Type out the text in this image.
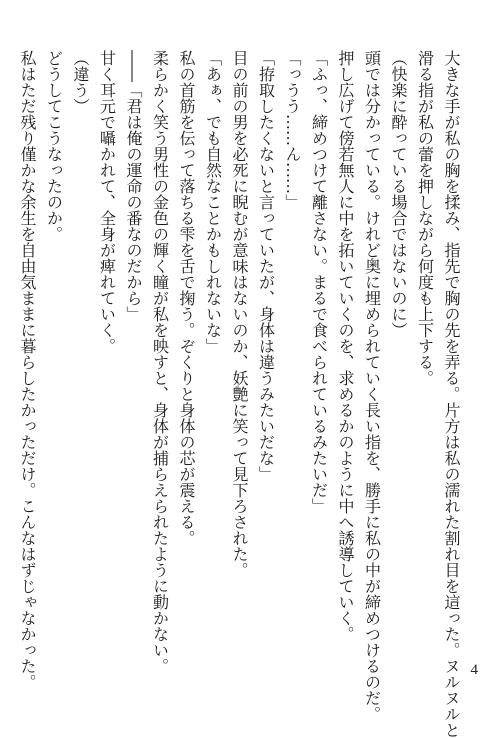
大きな手が私の胸を揉み、指先で胸の先を弄る。片方は私の濡れた割れ目を這った。ヌルヌルと
滑る指が私の蕾を押しながら何度も上下する。
（快楽に酔っている場合ではないのに）
頭では分かっている。けれど奥に埋められていく長い指を、勝手に私の中が締めつけるのだ。
押し広げて傍若無人に中を拓いていくのを、求めるかのように中へ誘導していく。
「ふっ、締めつけて離さない。まるで食べられているみたいだ」
「っうう……ん……」
「拵取したくないと言っていたが、身体は違うみたいだな」
目の前の男を必死に睨むが意味はないのか、妖艶に笑って見下ろされた。
「あぁ、でも自然なことかもしれないな」
私の首筋を伝って落ちる雫を舌で掬う。ぞくりと身体の芯が震える。
柔らかく笑う男性の金色の輝く瞳が私を映すと、身体が捕らえられたように動かない。
――「君は俺の運命の番なのだから」
甘く耳元で囁かれて、全身が痺れていく。
（違う）
どうしてこうなったのか。
私はただ残り僅かな余生を自由気ままに暮らしたかっただけ。こんなはずじゃなかった。	4
